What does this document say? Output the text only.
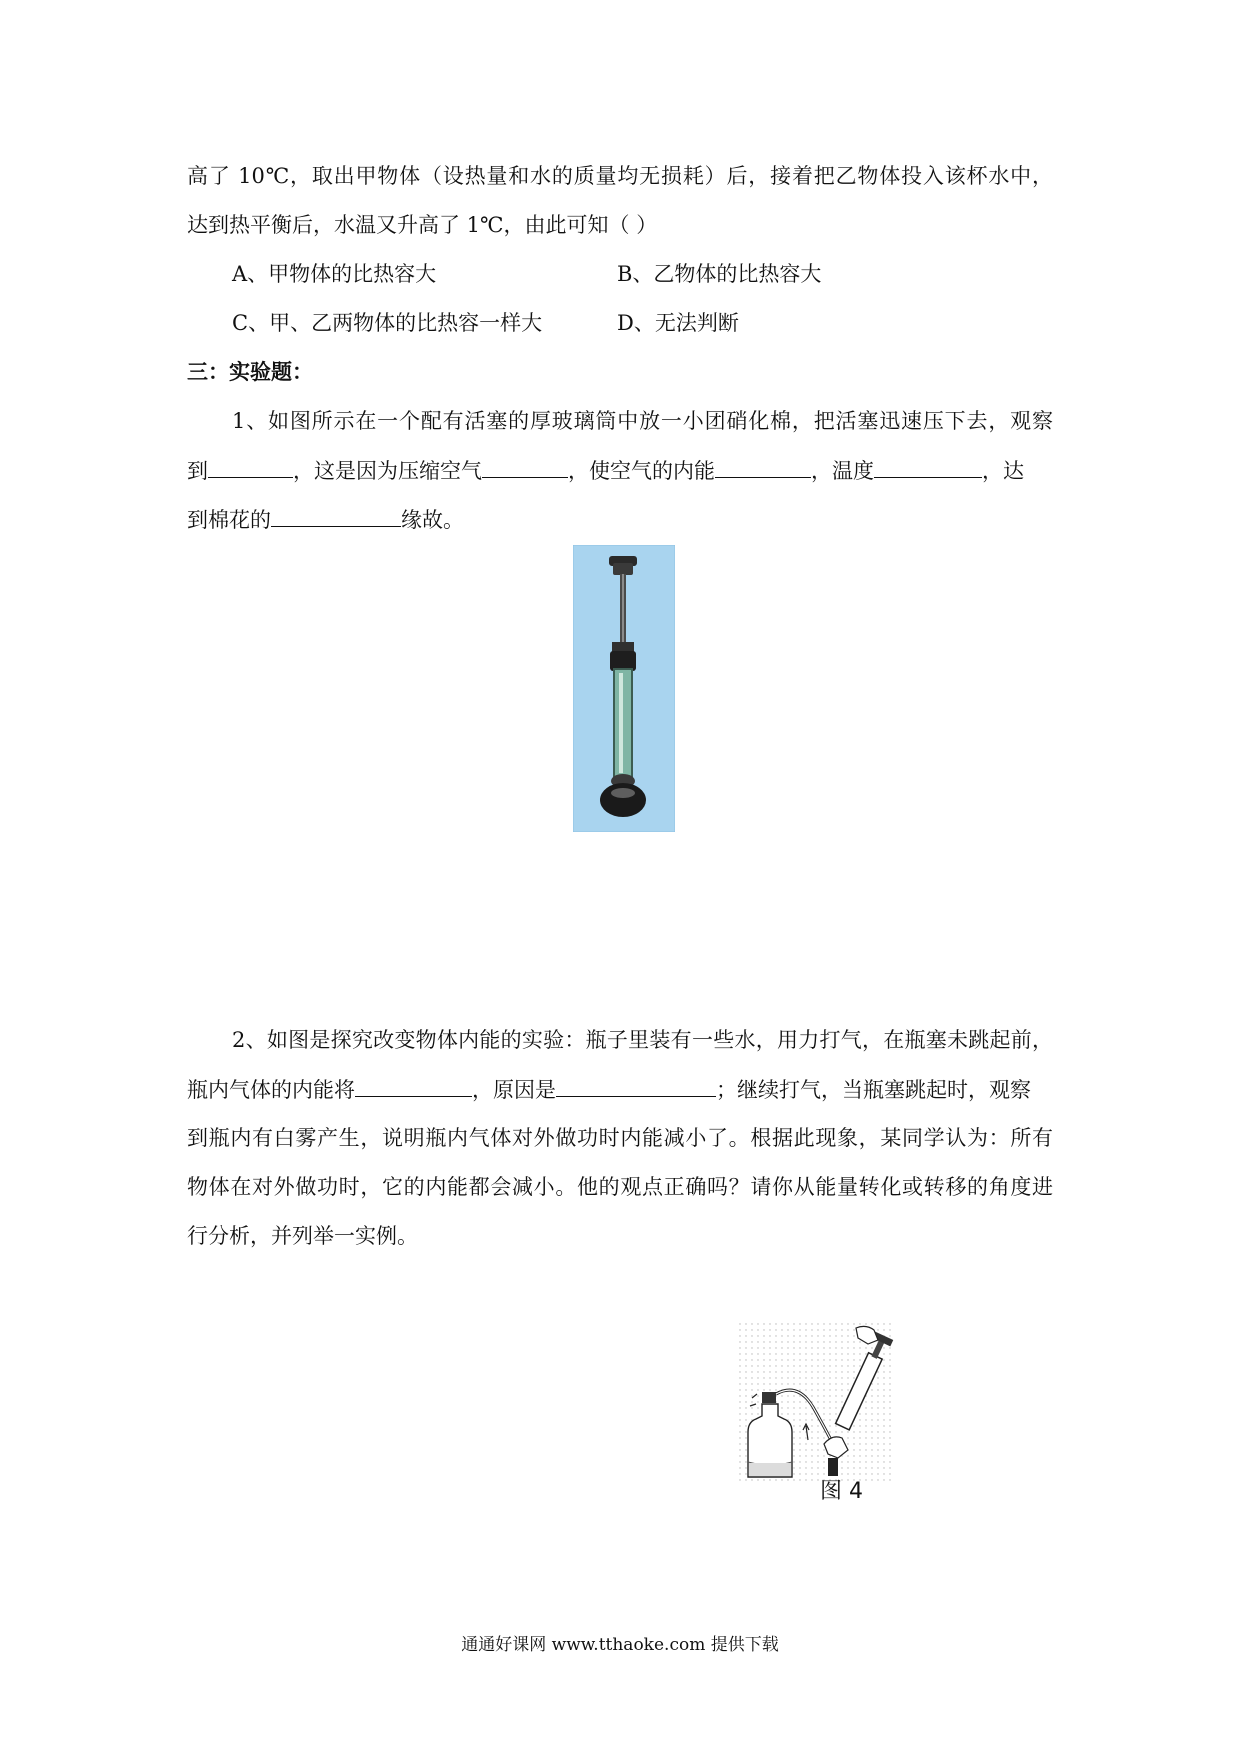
高了 10℃，取出甲物体（设热量和水的质量均无损耗）后，接着把乙物体投入该杯水中，
达到热平衡后，水温又升高了 1℃，由此可知（ ）
A、甲物体的比热容大	B、乙物体的比热容大
C、甲、乙两物体的比热容一样大	D、无法判断
三：实验题：
1、如图所示在一个配有活塞的厚玻璃筒中放一小团硝化棉，把活塞迅速压下去，观察
到	，这是因为压缩空气	，使空气的内能	，温度	，达
到棉花的	缘故。
2、如图是探究改变物体内能的实验：瓶子里装有一些水，用力打气，在瓶塞未跳起前，
瓶内气体的内能将	，原因是	；继续打气，当瓶塞跳起时，观察
到瓶内有白雾产生，说明瓶内气体对外做功时内能减小了。根据此现象，某同学认为：所有
物体在对外做功时，它的内能都会减小。他的观点正确吗？请你从能量转化或转移的角度进
行分析，并列举一实例。
图 4
通通好课网 www.tthaoke.com 提供下载
